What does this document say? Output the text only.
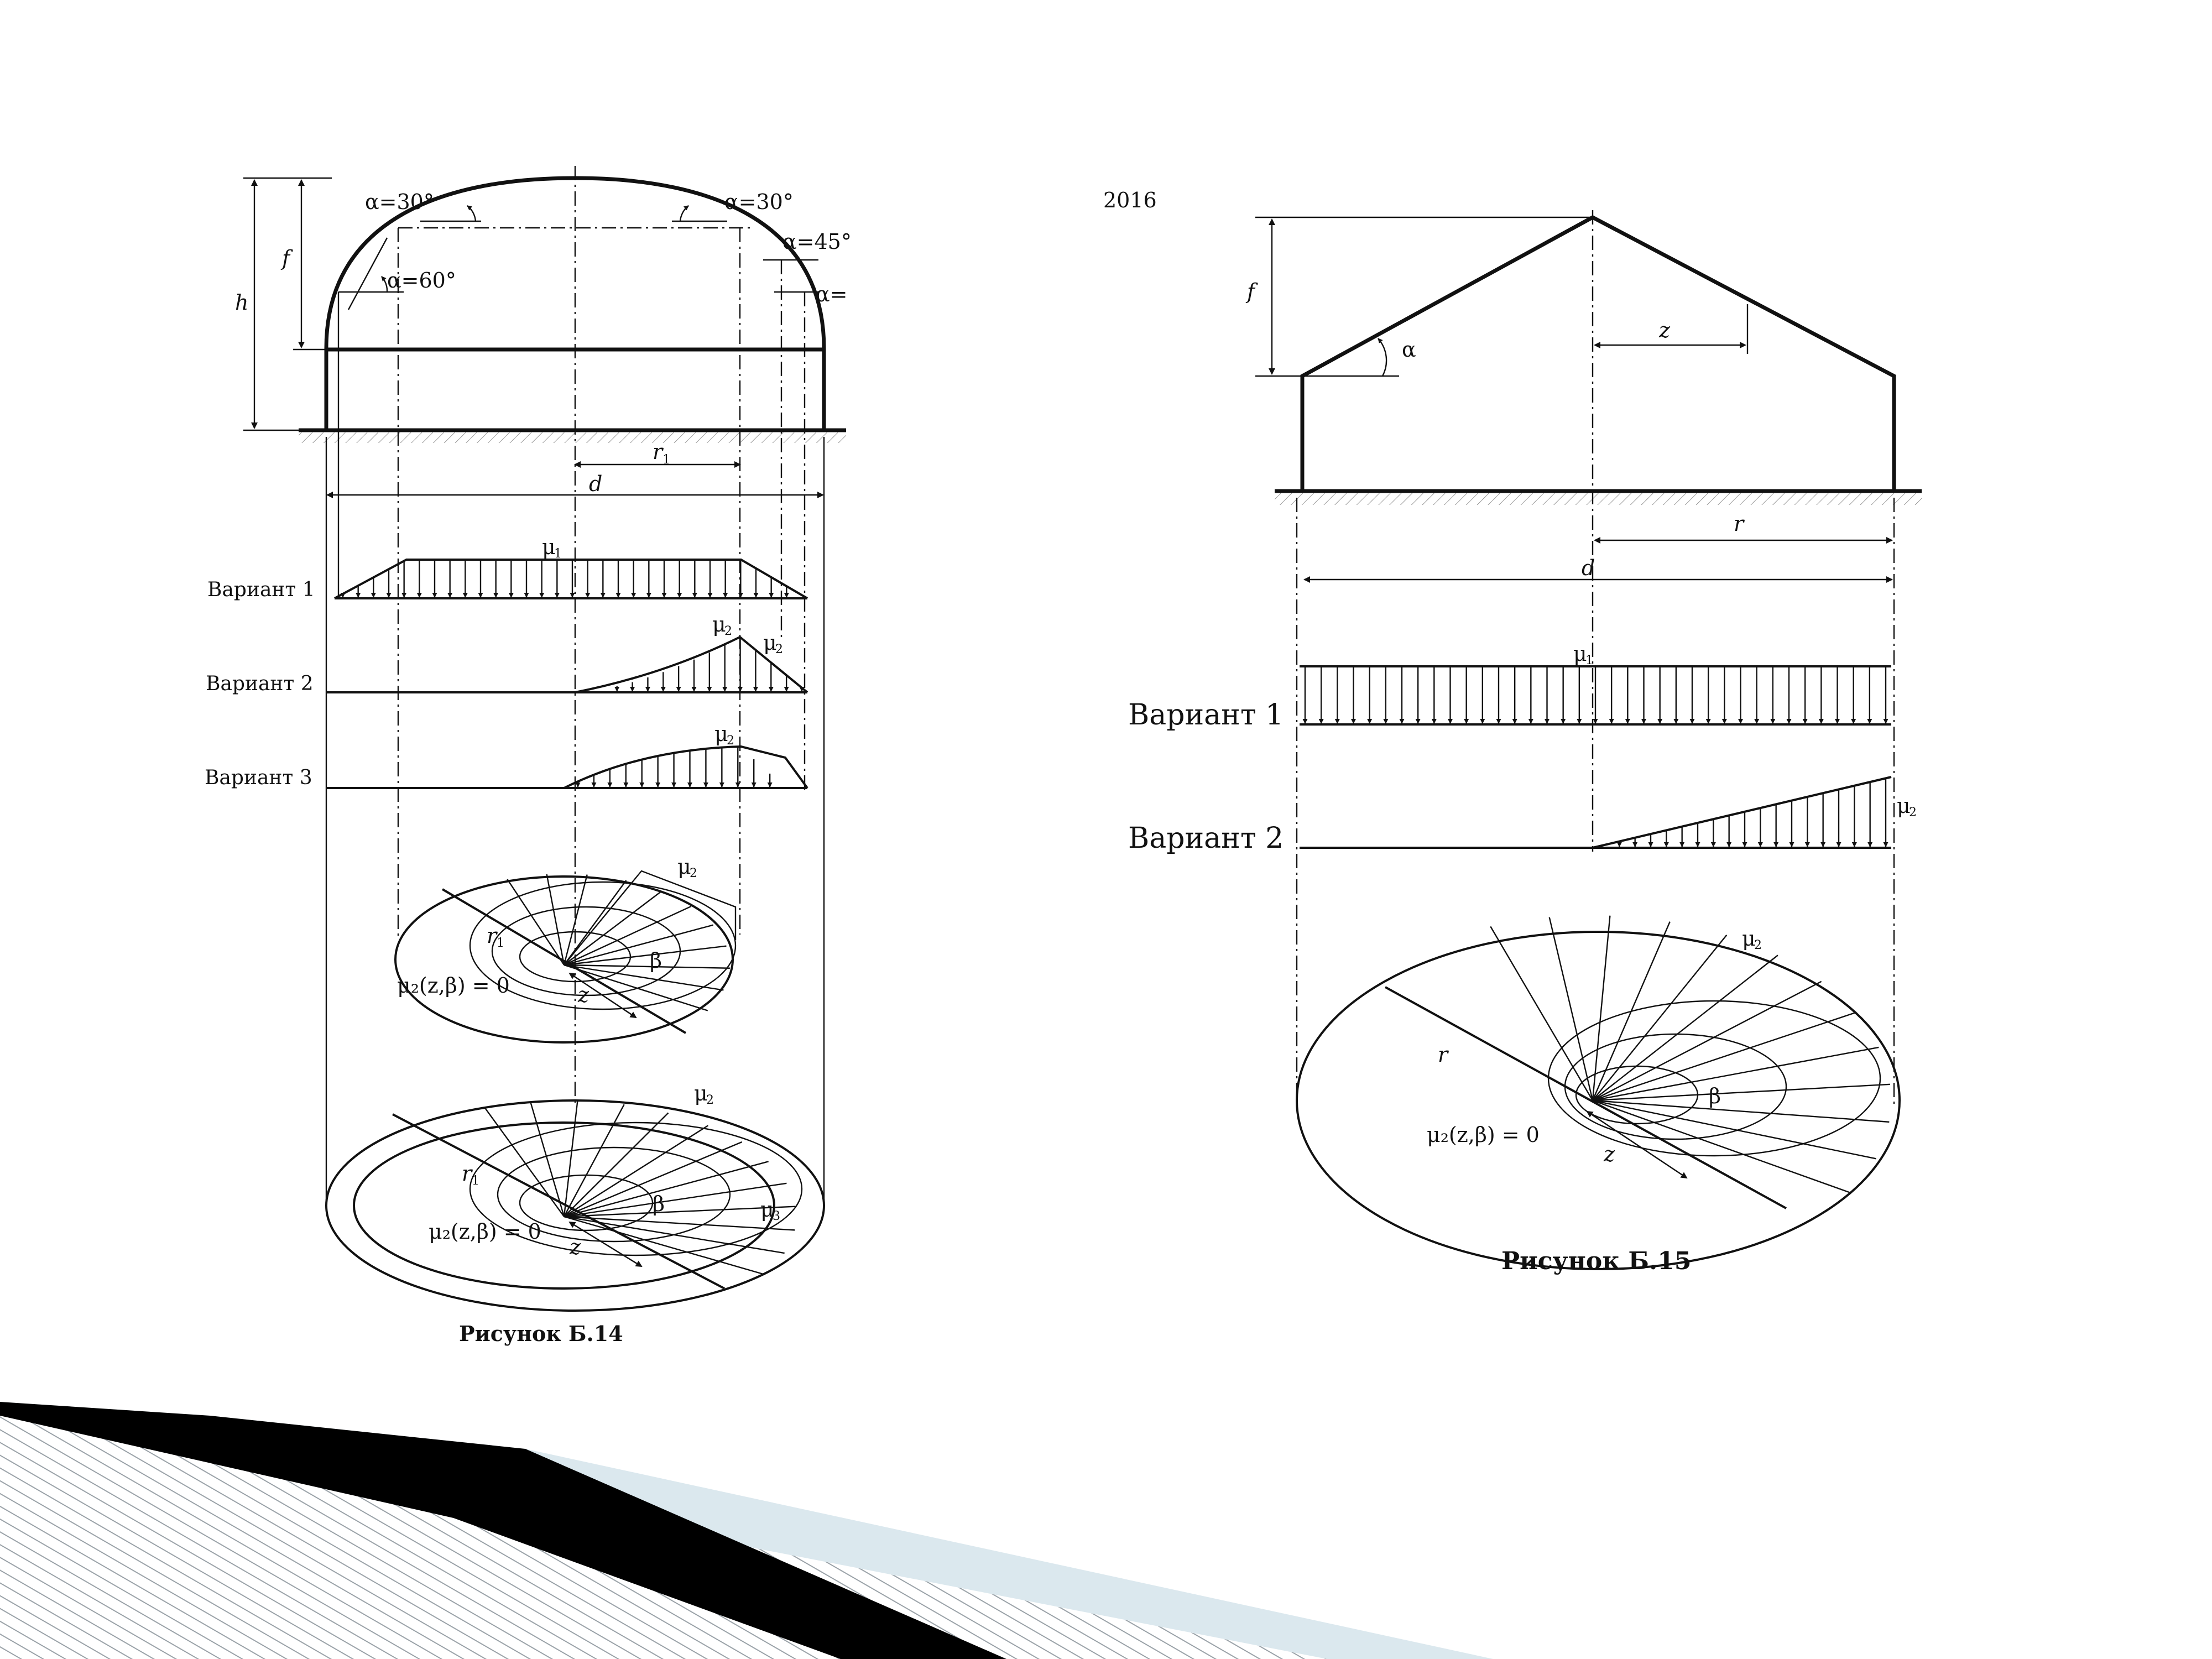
h
f
α=30°	α=30°
α=45°
α=60°
α=
r 1
d
Вариант 1
μ
1
Вариант 2
μ
2 μ
2
Вариант 3
μ
2
μ
2
r 1
β
z
μ₂(z,β) = 0
μ
2
μ
3
r 1
β
z
μ₂(z,β) = 0
Рисунок Б.14
2016
f
α
z
r
d
Вариант 1
μ
1
Вариант 2
μ
2
μ
2
r
β
z
μ₂(z,β) = 0
Рисунок Б.15
